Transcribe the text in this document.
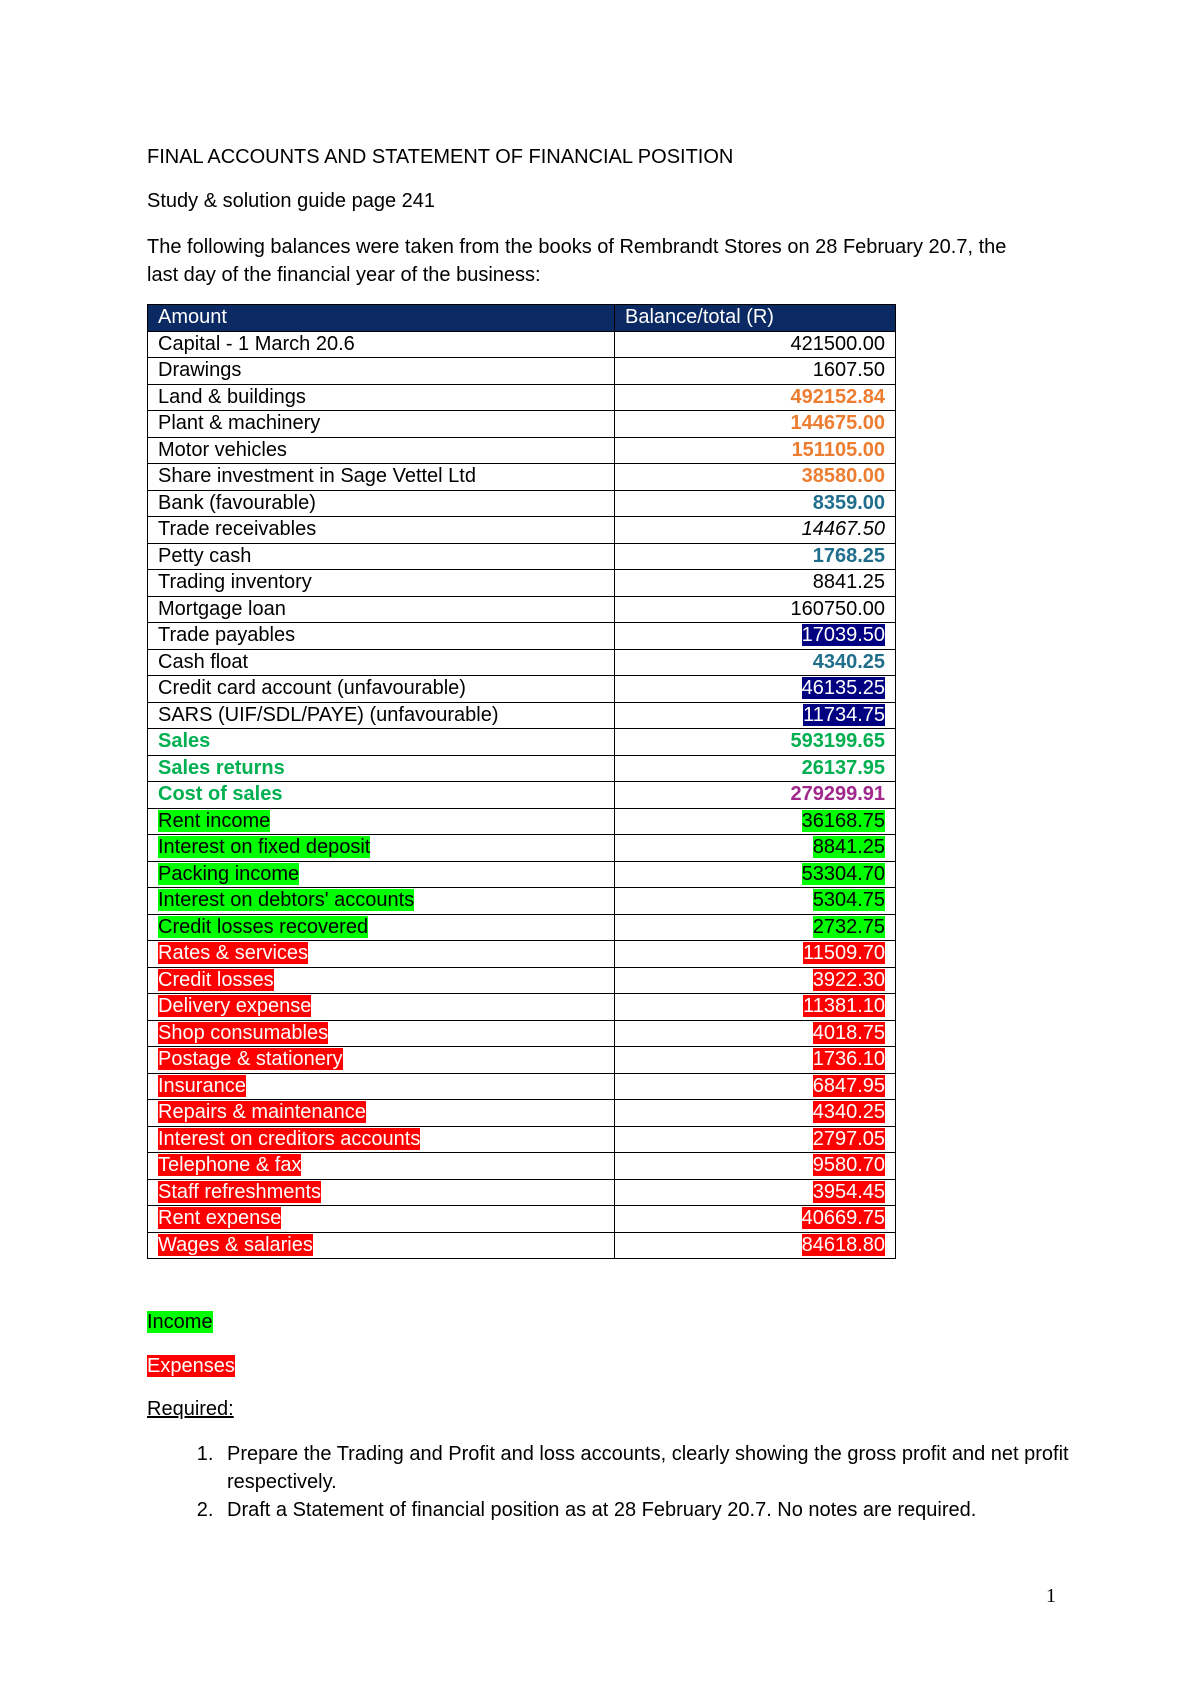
FINAL ACCOUNTS AND STATEMENT OF FINANCIAL POSITION
Study & solution guide page 241
The following balances were taken from the books of Rembrandt Stores on 28 February 20.7, the last day of the financial year of the business:
Amount	Balance/total (R)
Capital - 1 March 20.6	421500.00
Drawings	1607.50
Land & buildings	492152.84
Plant & machinery	144675.00
Motor vehicles	151105.00
Share investment in Sage Vettel Ltd	38580.00
Bank (favourable)	8359.00
Trade receivables	14467.50
Petty cash	1768.25
Trading inventory	8841.25
Mortgage loan	160750.00
Trade payables	17039.50
Cash float	4340.25
Credit card account (unfavourable)	46135.25
SARS (UIF/SDL/PAYE) (unfavourable)	11734.75
Sales	593199.65
Sales returns	26137.95
Cost of sales	279299.91
Rent income	36168.75
Interest on fixed deposit	8841.25
Packing income	53304.70
Interest on debtors' accounts	5304.75
Credit losses recovered	2732.75
Rates & services	11509.70
Credit losses	3922.30
Delivery expense	11381.10
Shop consumables	4018.75
Postage & stationery	1736.10
Insurance	6847.95
Repairs & maintenance	4340.25
Interest on creditors accounts	2797.05
Telephone & fax	9580.70
Staff refreshments	3954.45
Rent expense	40669.75
Wages & salaries	84618.80
Income
Expenses
Required:
1. Prepare the Trading and Profit and loss accounts, clearly showing the gross profit and net profit respectively.
2. Draft a Statement of financial position as at 28 February 20.7. No notes are required.
1
